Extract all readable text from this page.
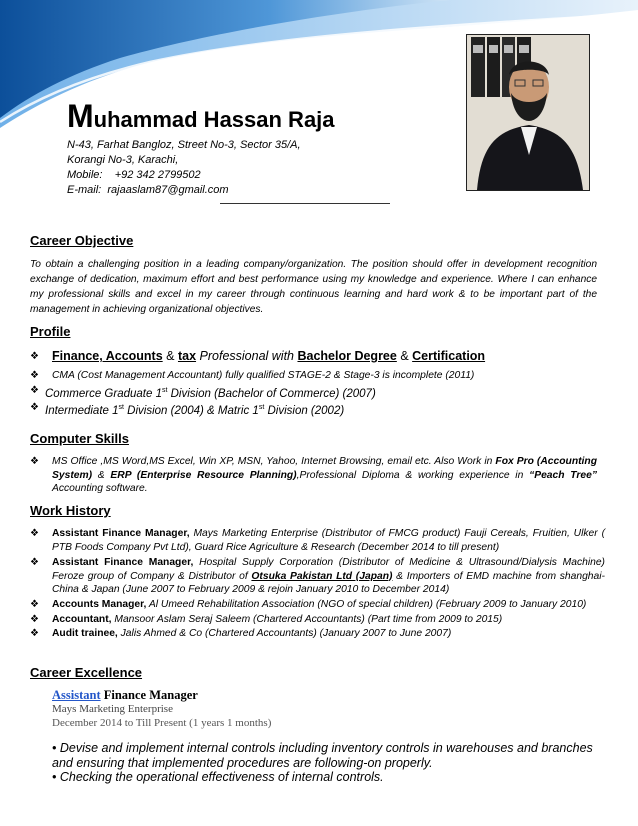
Muhammad Hassan Raja
N-43, Farhat Bangloz, Street No-3, Sector 35/A,
Korangi No-3, Karachi,
Mobile: +92 342 2799502
E-mail: rajaaslam87@gmail.com
Career Objective
To obtain a challenging position in a leading company/organization. The position should offer in development recognition exchange of dedication, maximum effort and best performance using my knowledge and experience. Where I can enhance my professional skills and excel in my career through continuous learning and hard work & to be important part of the management in achieving organizational objectives.
Profile
❖ Finance, Accounts & tax Professional with Bachelor Degree & Certification
❖ CMA (Cost Management Accountant) fully qualified STAGE-2 & Stage-3 is incomplete (2011)
❖ Commerce Graduate 1st Division (Bachelor of Commerce) (2007)
❖ Intermediate 1st Division (2004) & Matric 1st Division (2002)
Computer Skills
❖ MS Office ,MS Word,MS Excel, Win XP, MSN, Yahoo, Internet Browsing, email etc. Also Work in Fox Pro (Accounting System) & ERP (Enterprise Resource Planning),Professional Diploma & working experience in “Peach Tree” Accounting software.
Work History
❖ Assistant Finance Manager, Mays Marketing Enterprise (Distributor of FMCG product) Fauji Cereals, Fruitien, Ulker ( PTB Foods Company Pvt Ltd), Guard Rice Agriculture & Research (December 2014 to till present)
❖ Assistant Finance Manager, Hospital Supply Corporation (Distributor of Medicine & Ultrasound/Dialysis Machine) Feroze group of Company & Distributor of Otsuka Pakistan Ltd (Japan) & Importers of EMD machine from shanghai-China & Japan (June 2007 to February 2009 & rejoin January 2010 to December 2014)
❖ Accounts Manager, Al Umeed Rehabilitation Association (NGO of special children) (February 2009 to January 2010)
❖ Accountant, Mansoor Aslam Seraj Saleem (Chartered Accountants) (Part time from 2009 to 2015)
❖ Audit trainee, Jalis Ahmed & Co (Chartered Accountants) (January 2007 to June 2007)
Career Excellence
Assistant Finance Manager
Mays Marketing Enterprise
December 2014 to Till Present (1 years 1 months)
• Devise and implement internal controls including inventory controls in warehouses and branches
and ensuring that implemented procedures are following-on properly.
• Checking the operational effectiveness of internal controls.
